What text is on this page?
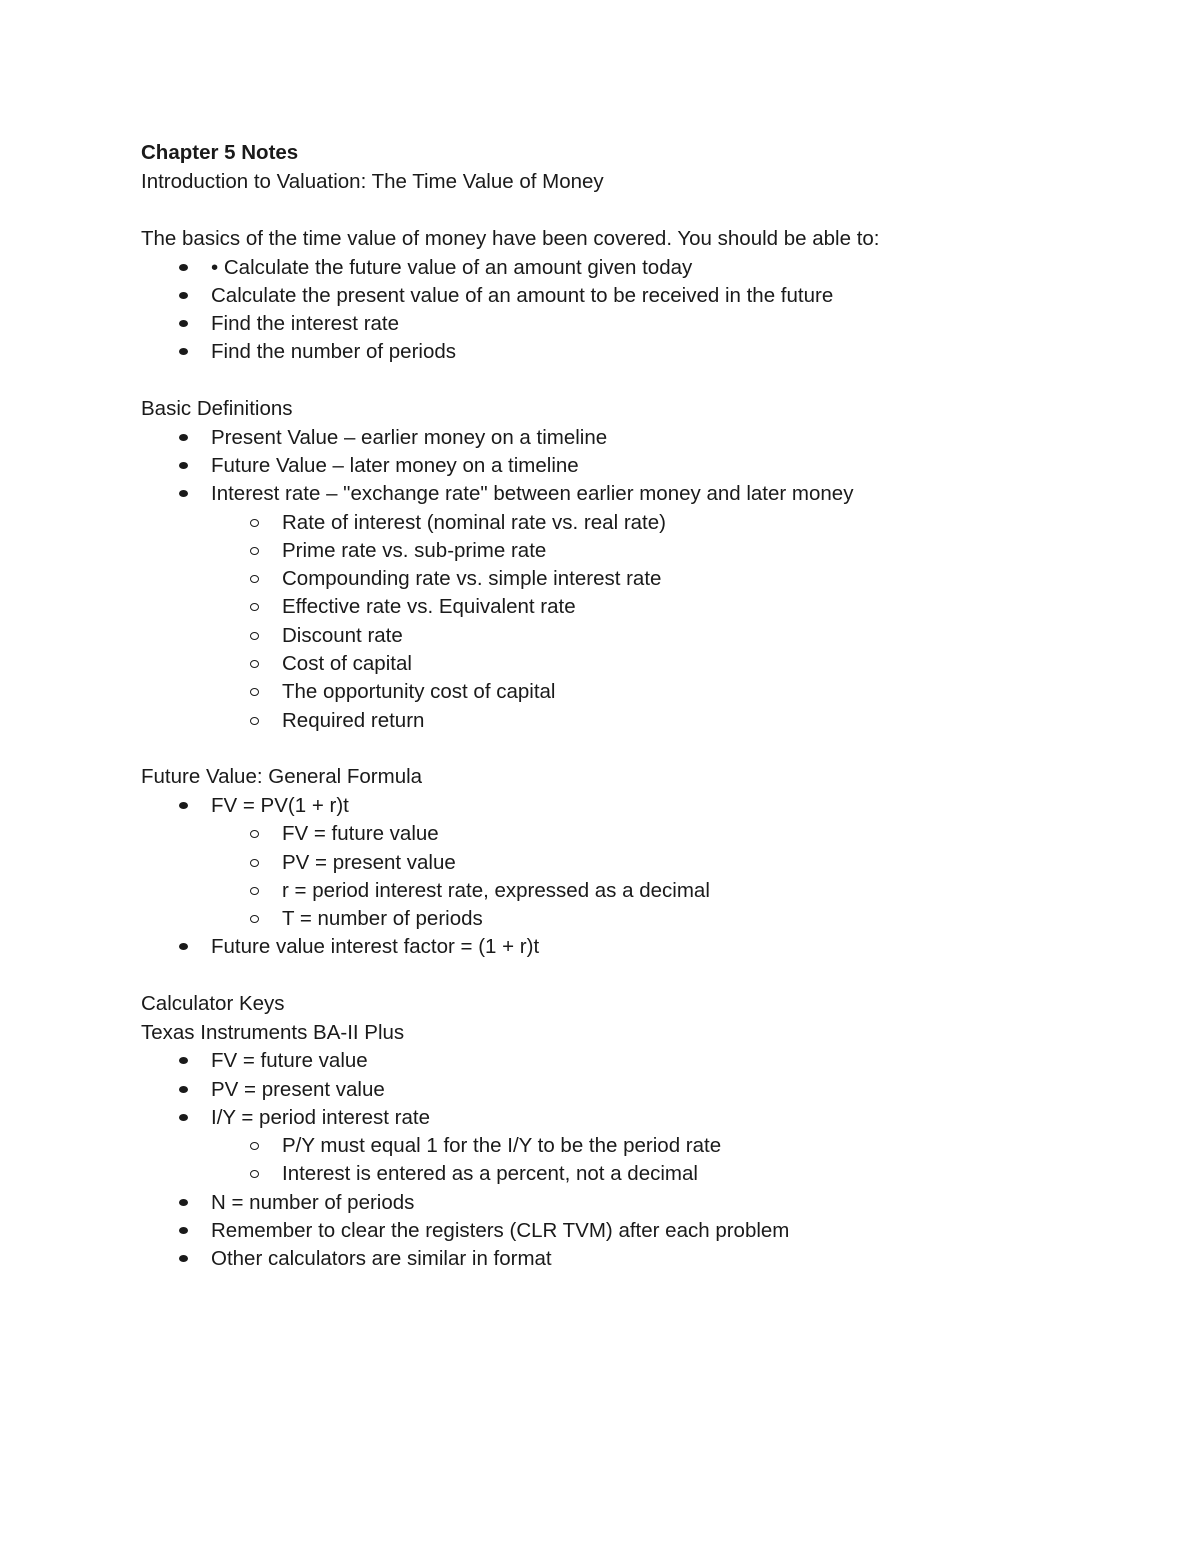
Chapter 5 Notes
Introduction to Valuation: The Time Value of Money
The basics of the time value of money have been covered. You should be able to:
• Calculate the future value of an amount given today
Calculate the present value of an amount to be received in the future
Find the interest rate
Find the number of periods
Basic Definitions
Present Value – earlier money on a timeline
Future Value – later money on a timeline
Interest rate – "exchange rate" between earlier money and later money
Rate of interest (nominal rate vs. real rate)
Prime rate vs. sub-prime rate
Compounding rate vs. simple interest rate
Effective rate vs. Equivalent rate
Discount rate
Cost of capital
The opportunity cost of capital
Required return
Future Value: General Formula
FV = PV(1 + r)t
FV = future value
PV = present value
r = period interest rate, expressed as a decimal
T = number of periods
Future value interest factor = (1 + r)t
Calculator Keys
Texas Instruments BA-II Plus
FV = future value
PV = present value
I/Y = period interest rate
P/Y must equal 1 for the I/Y to be the period rate
Interest is entered as a percent, not a decimal
N = number of periods
Remember to clear the registers (CLR TVM) after each problem
Other calculators are similar in format
